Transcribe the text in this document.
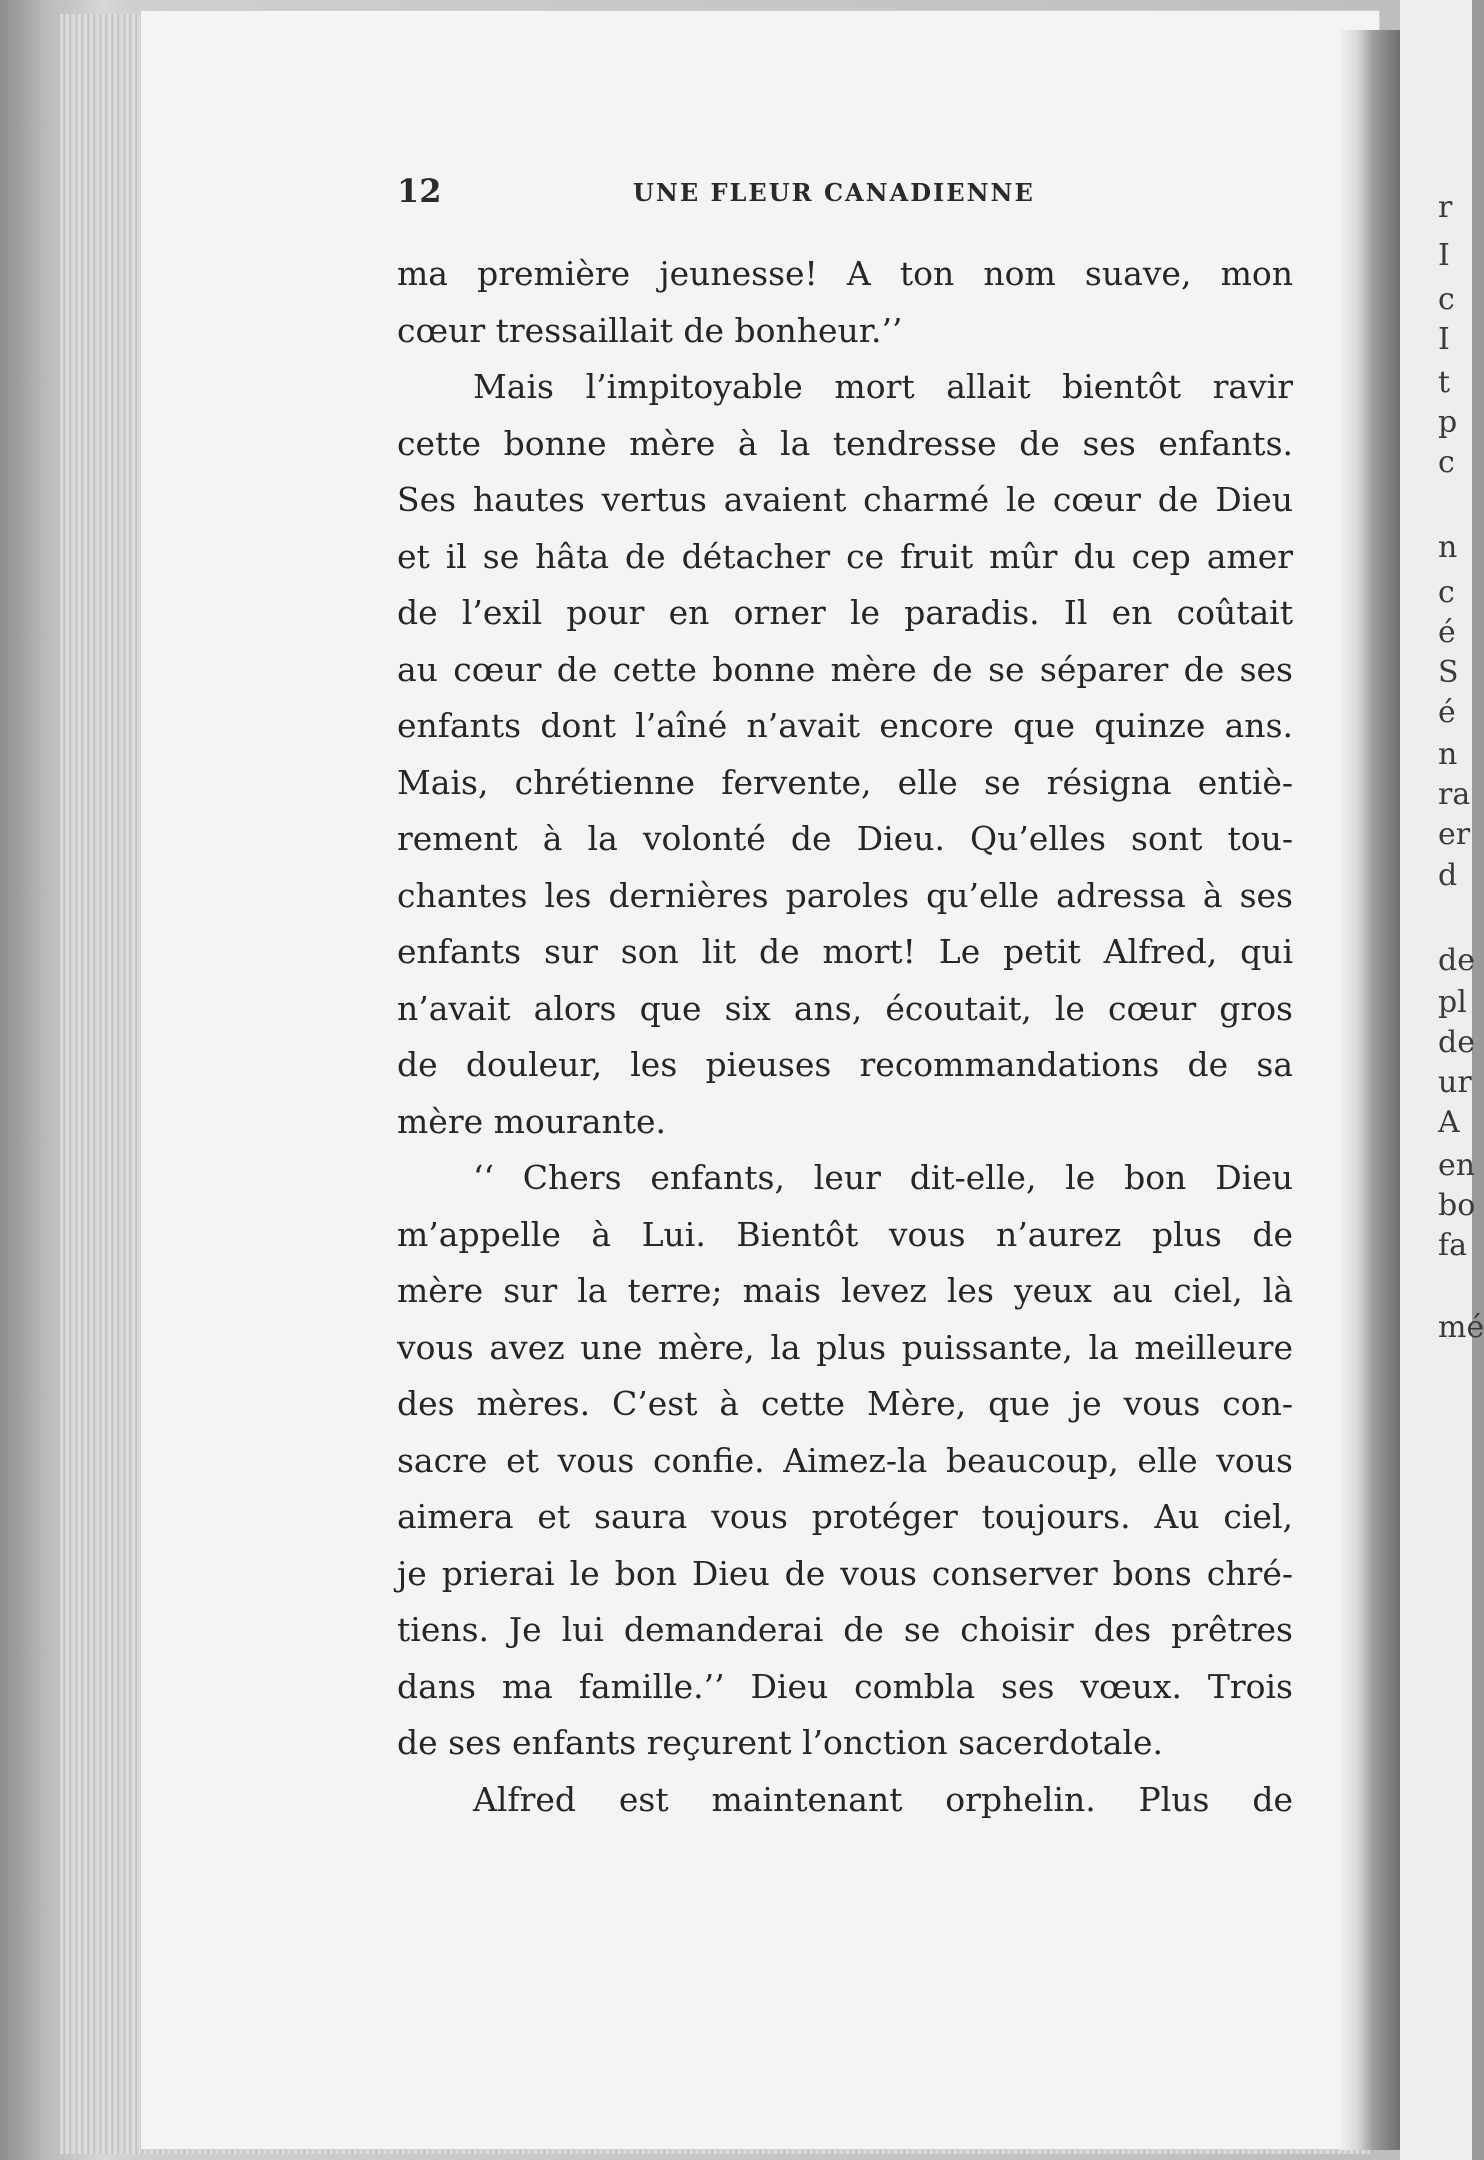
r
I
c
I
t
p
c
n
c
é
S
é
n
ra
er
d
de
pl
de
ur
A
en
bo
fa
mé
12	UNE FLEUR CANADIENNE
ma première jeunesse! A ton nom suave, mon
cœur tressaillait de bonheur.’’
Mais l’impitoyable mort allait bientôt ravir
cette bonne mère à la tendresse de ses enfants.
Ses hautes vertus avaient charmé le cœur de Dieu
et il se hâta de détacher ce fruit mûr du cep amer
de l’exil pour en orner le paradis. Il en coûtait
au cœur de cette bonne mère de se séparer de ses
enfants dont l’aîné n’avait encore que quinze ans.
Mais, chrétienne fervente, elle se résigna entiè-
rement à la volonté de Dieu. Qu’elles sont tou-
chantes les dernières paroles qu’elle adressa à ses
enfants sur son lit de mort! Le petit Alfred, qui
n’avait alors que six ans, écoutait, le cœur gros
de douleur, les pieuses recommandations de sa
mère mourante.
‘‘ Chers enfants, leur dit-elle, le bon Dieu
m’appelle à Lui. Bientôt vous n’aurez plus de
mère sur la terre; mais levez les yeux au ciel, là
vous avez une mère, la plus puissante, la meilleure
des mères. C’est à cette Mère, que je vous con-
sacre et vous confie. Aimez-la beaucoup, elle vous
aimera et saura vous protéger toujours. Au ciel,
je prierai le bon Dieu de vous conserver bons chré-
tiens. Je lui demanderai de se choisir des prêtres
dans ma famille.’’ Dieu combla ses vœux. Trois
de ses enfants reçurent l’onction sacerdotale.
Alfred est maintenant orphelin. Plus de
